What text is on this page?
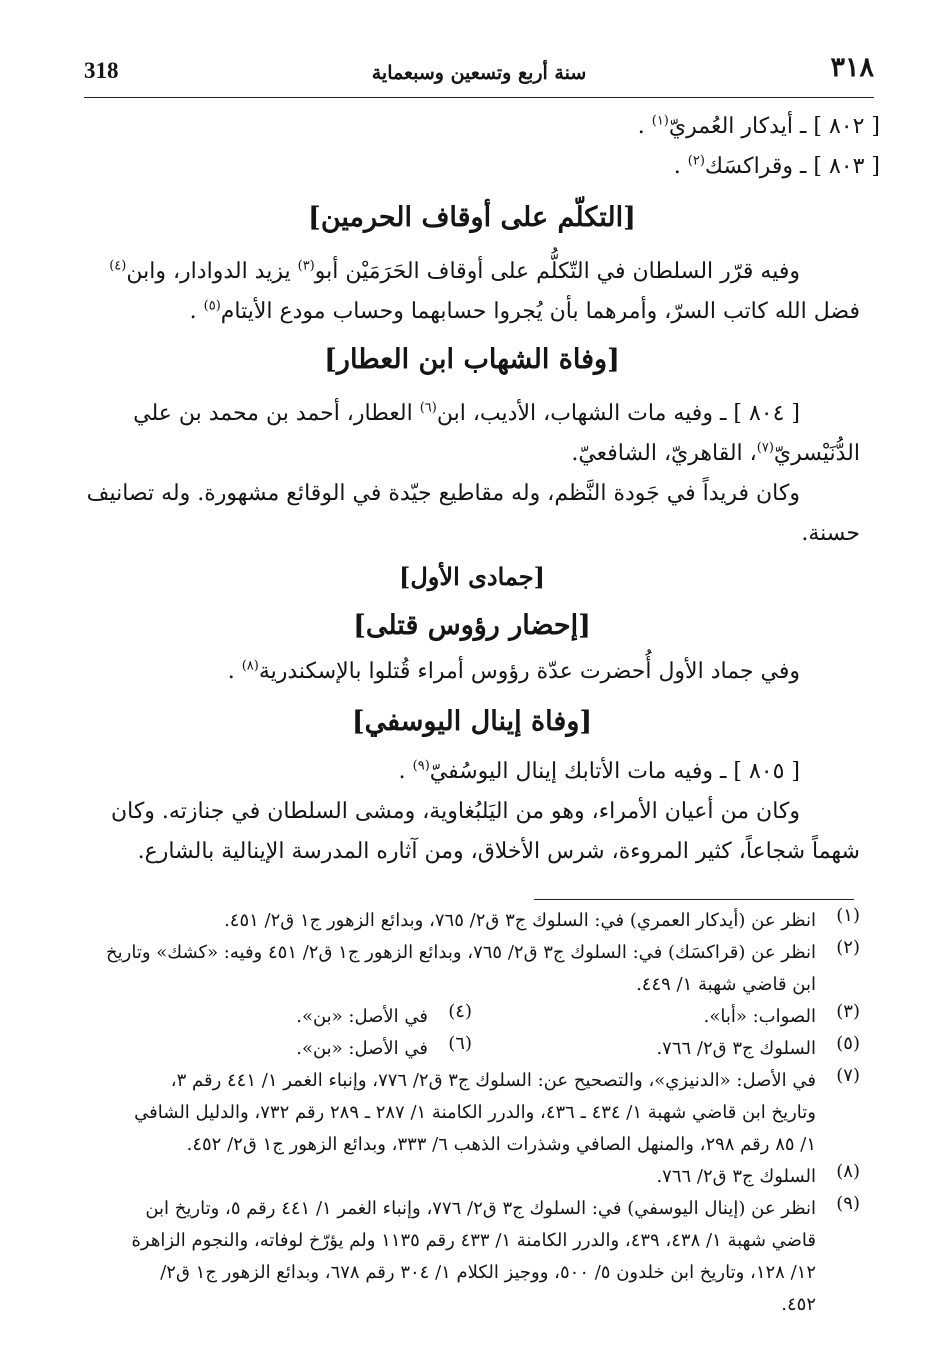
318	سنة أربع وتسعين وسبعماية	٣١٨
[ ٨٠٢ ] ـ أيدكار العُمريّ$^{(١)}$ .
[ ٨٠٣ ] ـ وقراكسَك$^{(٢)}$ .
[التكلّم على أوقاف الحرمين]
وفيه قرّر السلطان في التّكلُّم على أوقاف الحَرَمَيْن أبو$^{(٣)}$ يزيد الدوادار، وابن$^{(٤)}$
فضل الله كاتب السرّ، وأمرهما بأن يُجروا حسابهما وحساب مودع الأيتام$^{(٥)}$ .
[وفاة الشهاب ابن العطار]
[ ٨٠٤ ] ـ وفيه مات الشهاب، الأديب، ابن$^{(٦)}$ العطار، أحمد بن محمد بن علي
الدُّنَيْسريّ$^{(٧)}$، القاهريّ، الشافعيّ.
وكان فريداً في جَودة النَّظم، وله مقاطيع جيّدة في الوقائع مشهورة. وله تصانيف
حسنة.
[جمادى الأول]
[إحضار رؤوس قتلى]
وفي جماد الأول أُحضرت عدّة رؤوس أمراء قُتلوا بالإسكندرية$^{(٨)}$ .
[وفاة إينال اليوسفي]
[ ٨٠٥ ] ـ وفيه مات الأتابك إينال اليوسُفيّ$^{(٩)}$ .
وكان من أعيان الأمراء، وهو من اليَلبُغاوية، ومشى السلطان في جنازته. وكان
شهماً شجاعاً، كثير المروءة، شرس الأخلاق، ومن آثاره المدرسة الإينالية بالشارع.
(١)
انظر عن (أيدكار العمري) في: السلوك ج٣ ق٢/ ٧٦٥، وبدائع الزهور ج١ ق٢/ ٤٥١.
(٢)
انظر عن (قراكسَك) في: السلوك ج٣ ق٢/ ٧٦٥، وبدائع الزهور ج١ ق٢/ ٤٥١ وفيه: «كشك» وتاريخ
ابن قاضي شهبة ١/ ٤٤٩.
(٣)
الصواب: «أبا».
(٤)
في الأصل: «بن».
(٥)
السلوك ج٣ ق٢/ ٧٦٦.
(٦)
في الأصل: «بن».
(٧)
في الأصل: «الدنيزي»، والتصحيح عن: السلوك ج٣ ق٢/ ٧٧٦، وإنباء الغمر ١/ ٤٤١ رقم ٣،
وتاريخ ابن قاضي شهبة ١/ ٤٣٤ ـ ٤٣٦، والدرر الكامنة ١/ ٢٨٧ ـ ٢٨٩ رقم ٧٣٢، والدليل الشافي
١/ ٨٥ رقم ٢٩٨، والمنهل الصافي وشذرات الذهب ٦/ ٣٣٣، وبدائع الزهور ج١ ق٢/ ٤٥٢.
(٨)
السلوك ج٣ ق٢/ ٧٦٦.
(٩)
انظر عن (إينال اليوسفي) في: السلوك ج٣ ق٢/ ٧٧٦، وإنباء الغمر ١/ ٤٤١ رقم ٥، وتاريخ ابن
قاضي شهبة ١/ ٤٣٨، ٤٣٩، والدرر الكامنة ١/ ٤٣٣ رقم ١١٣٥ ولم يؤرّخ لوفاته، والنجوم الزاهرة
١٢/ ١٢٨، وتاريخ ابن خلدون ٥/ ٥٠٠، ووجيز الكلام ١/ ٣٠٤ رقم ٦٧٨، وبدائع الزهور ج١ ق٢/
٤٥٢.
